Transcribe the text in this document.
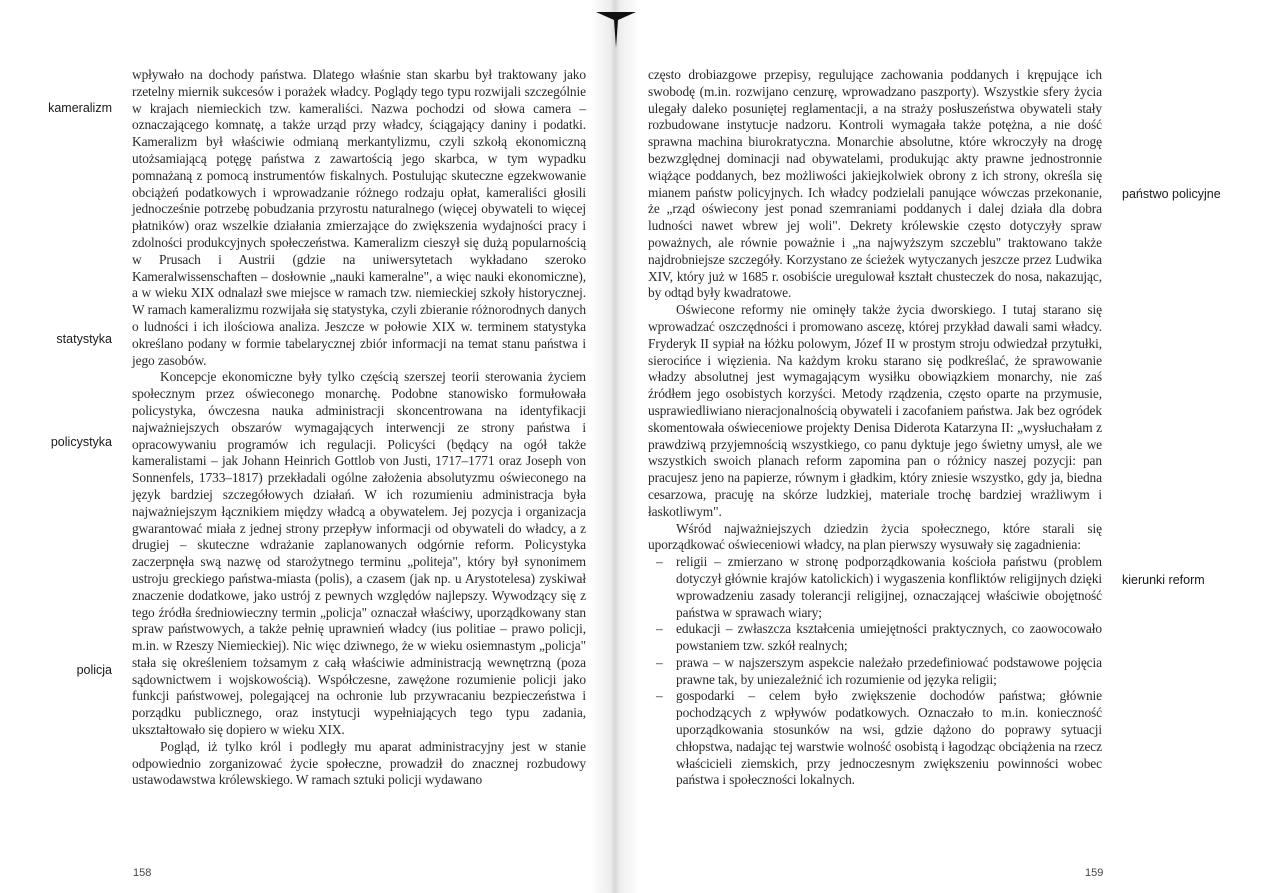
kameralizm
statystyka
policystyka
policja

wpływało na dochody państwa. Dlatego właśnie stan skarbu był traktowany jako rzetelny miernik sukcesów i porażek władcy. Poglądy tego typu rozwijali szczególnie w krajach niemieckich tzw. kameraliści. Nazwa pochodzi od słowa camera – oznaczającego komnatę, a także urząd przy władcy, ściągający daniny i podatki. Kameralizm był właściwie odmianą merkantylizmu, czyli szkołą ekonomiczną utożsamiającą potęgę państwa z zawartością jego skarbca, w tym wypadku pomnażaną z pomocą instrumentów fiskalnych. Postulując skuteczne egzekwowanie obciążeń podatkowych i wprowadzanie różnego rodzaju opłat, kameraliści głosili jednocześnie potrzebę pobudzania przyrostu naturalnego (więcej obywateli to więcej płatników) oraz wszelkie działania zmierzające do zwiększenia wydajności pracy i zdolności produkcyjnych społeczeństwa. Kameralizm cieszył się dużą popularnością w Prusach i Austrii (gdzie na uniwersytetach wykładano szeroko Kameralwissenschaften – dosłownie „nauki kameralne", a więc nauki ekonomiczne), a w wieku XIX odnalazł swe miejsce w ramach tzw. niemieckiej szkoły historycznej. W ramach kameralizmu rozwijała się statystyka, czyli zbieranie różnorodnych danych o ludności i ich ilościowa analiza. Jeszcze w połowie XIX w. terminem statystyka określano podany w formie tabelarycznej zbiór informacji na temat stanu państwa i jego zasobów.

Koncepcje ekonomiczne były tylko częścią szerszej teorii sterowania życiem społecznym przez oświeconego monarchę. Podobne stanowisko formułowała policystyka, ówczesna nauka administracji skoncentrowana na identyfikacji najważniejszych obszarów wymagających interwencji ze strony państwa i opracowywaniu programów ich regulacji. Policyści (będący na ogół także kameralistami – jak Johann Heinrich Gottlob von Justi, 1717–1771 oraz Joseph von Sonnenfels, 1733–1817) przekładali ogólne założenia absolutyzmu oświeconego na język bardziej szczegółowych działań. W ich rozumieniu administracja była najważniejszym łącznikiem między władcą a obywatelem. Jej pozycja i organizacja gwarantować miała z jednej strony przepływ informacji od obywateli do władcy, a z drugiej – skuteczne wdrażanie zaplanowanych odgórnie reform. Policystyka zaczerpnęła swą nazwę od starożytnego terminu „politeja", który był synonimem ustroju greckiego państwa-miasta (polis), a czasem (jak np. u Arystotelesa) zyskiwał znaczenie dodatkowe, jako ustrój z pewnych względów najlepszy. Wywodzący się z tego źródła średniowieczny termin „policja" oznaczał właściwy, uporządkowany stan spraw państwowych, a także pełnię uprawnień władcy (ius politiae – prawo policji, m.in. w Rzeszy Niemieckiej). Nic więc dziwnego, że w wieku osiemnastym „policja" stała się określeniem tożsamym z całą właściwie administracją wewnętrzną (poza sądownictwem i wojskowością). Współczesne, zawężone rozumienie policji jako funkcji państwowej, polegającej na ochronie lub przywracaniu bezpieczeństwa i porządku publicznego, oraz instytucji wypełniających tego typu zadania, ukształtowało się dopiero w wieku XIX.

Pogląd, iż tylko król i podległy mu aparat administracyjny jest w stanie odpowiednio zorganizować życie społeczne, prowadził do znacznej rozbudowy ustawodawstwa królewskiego. W ramach sztuki policji wydawano

158
państwo policyjne
kierunki reform

często drobiazgowe przepisy, regulujące zachowania poddanych i krępujące ich swobodę (m.in. rozwijano cenzurę, wprowadzano paszporty). Wszystkie sfery życia ulegały daleko posuniętej reglamentacji, a na straży posłuszeństwa obywateli stały rozbudowane instytucje nadzoru. Kontroli wymagała także potężna, a nie dość sprawna machina biurokratyczna. Monarchie absolutne, które wkroczyły na drogę bezwzględnej dominacji nad obywatelami, produkując akty prawne jednostronnie wiążące poddanych, bez możliwości jakiejkolwiek obrony z ich strony, określa się mianem państw policyjnych. Ich władcy podzielali panujące wówczas przekonanie, że „rząd oświecony jest ponad szemraniami poddanych i dalej działa dla dobra ludności nawet wbrew jej woli". Dekrety królewskie często dotyczyły spraw poważnych, ale równie poważnie i „na najwyższym szczeblu" traktowano także najdrobniejsze szczegóły. Korzystano ze ścieżek wytyczanych jeszcze przez Ludwika XIV, który już w 1685 r. osobiście uregulował kształt chusteczek do nosa, nakazując, by odtąd były kwadratowe.

Oświecone reformy nie ominęły także życia dworskiego. I tutaj starano się wprowadzać oszczędności i promowano ascezę, której przykład dawali sami władcy. Fryderyk II sypiał na łóżku polowym, Józef II w prostym stroju odwiedzał przytułki, sierocińce i więzienia. Na każdym kroku starano się podkreślać, że sprawowanie władzy absolutnej jest wymagającym wysiłku obowiązkiem monarchy, nie zaś źródłem jego osobistych korzyści. Metody rządzenia, często oparte na przymusie, usprawiedliwiano nieracjonalnością obywateli i zacofaniem państwa. Jak bez ogródek skomentowała oświeceniowe projekty Denisa Diderota Katarzyna II: „wysłuchałam z prawdziwą przyjemnością wszystkiego, co panu dyktuje jego świetny umysł, ale we wszystkich swoich planach reform zapomina pan o różnicy naszej pozycji: pan pracujesz jeno na papierze, równym i gładkim, który zniesie wszystko, gdy ja, biedna cesarzowa, pracuję na skórze ludzkiej, materiale trochę bardziej wrażliwym i łaskotliwym".

Wśród najważniejszych dziedzin życia społecznego, które starali się uporządkować oświeceniowi władcy, na plan pierwszy wysuwały się zagadnienia:

– religii – zmierzano w stronę podporządkowania kościoła państwu (problem dotyczył głównie krajów katolickich) i wygaszenia konfliktów religijnych dzięki wprowadzeniu zasady tolerancji religijnej, oznaczającej właściwie obojętność państwa w sprawach wiary;
– edukacji – zwłaszcza kształcenia umiejętności praktycznych, co zaowocowało powstaniem tzw. szkół realnych;
– prawa – w najszerszym aspekcie należało przedefiniować podstawowe pojęcia prawne tak, by uniezależnić ich rozumienie od języka religii;
– gospodarki – celem było zwiększenie dochodów państwa; głównie pochodzących z wpływów podatkowych. Oznaczało to m.in. konieczność uporządkowania stosunków na wsi, gdzie dążono do poprawy sytuacji chłopstwa, nadając tej warstwie wolność osobistą i łagodząc obciążenia na rzecz właścicieli ziemskich, przy jednoczesnym zwiększeniu powinności wobec państwa i społeczności lokalnych.
159
